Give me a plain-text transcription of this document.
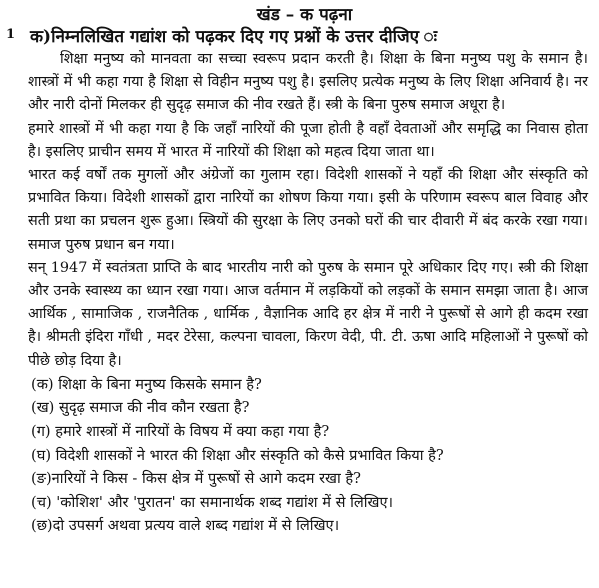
खंड – क पढ़ना
1 क)निम्नलिखित गद्यांश को पढ़कर दिए गए प्रश्नों के उत्तर दीजिए ः

शिक्षा मनुष्य को मानवता का सच्चा स्वरूप प्रदान करती है। शिक्षा के बिना मनुष्य पशु के समान है। शास्त्रों में भी कहा गया है शिक्षा से विहीन मनुष्य पशु है। इसलिए प्रत्येक मनुष्य के लिए शिक्षा अनिवार्य है। नर और नारी दोनों मिलकर ही सुदृढ़ समाज की नीव रखते हैं। स्त्री के बिना पुरुष समाज अधूरा है।

हमारे शास्त्रों में भी कहा गया है कि जहाँ नारियों की पूजा होती है वहाँ देवताओं और समृद्धि का निवास होता है। इसलिए प्राचीन समय में भारत में नारियों की शिक्षा को महत्व दिया जाता था।

भारत कई वर्षों तक मुगलों और अंग्रेजों का गुलाम रहा। विदेशी शासकों ने यहाँ की शिक्षा और संस्कृति को प्रभावित किया। विदेशी शासकों द्वारा नारियों का शोषण किया गया। इसी के परिणाम स्वरूप बाल विवाह और सती प्रथा का प्रचलन शुरू हुआ। स्त्रियों की सुरक्षा के लिए उनको घरों की चार दीवारी में बंद करके रखा गया। समाज पुरुष प्रधान बन गया।

सन् 1947 में स्वतंत्रता प्राप्ति के बाद भारतीय नारी को पुरुष के समान पूरे अधिकार दिए गए। स्त्री की शिक्षा और उनके स्वास्थ्य का ध्यान रखा गया। आज वर्तमान में लड़कियों को लड़कों के समान समझा जाता है। आज आर्थिक , सामाजिक , राजनैतिक , धार्मिक , वैज्ञानिक आदि हर क्षेत्र में नारी ने पुरूषों से आगे ही कदम रखा है। श्रीमती इंदिरा गाँधी , मदर टेरेसा, कल्पना चावला, किरण वेदी, पी. टी. ऊषा आदि महिलाओं ने पुरूषों को पीछे छोड़ दिया है।

(क) शिक्षा के बिना मनुष्य किसके समान है?
(ख) सुदृढ़ समाज की नीव कौन रखता है?
(ग) हमारे शास्त्रों में नारियों के विषय में क्या कहा गया है?
(घ) विदेशी शासकों ने भारत की शिक्षा और संस्कृति को कैसे प्रभावित किया है?
(ङ)नारियों ने किस - किस क्षेत्र में पुरूषों से आगे कदम रखा है?
(च) 'कोशिश' और 'पुरातन' का समानार्थक शब्द गद्यांश में से लिखिए।
(छ)दो उपसर्ग अथवा प्रत्यय वाले शब्द गद्यांश में से लिखिए।
